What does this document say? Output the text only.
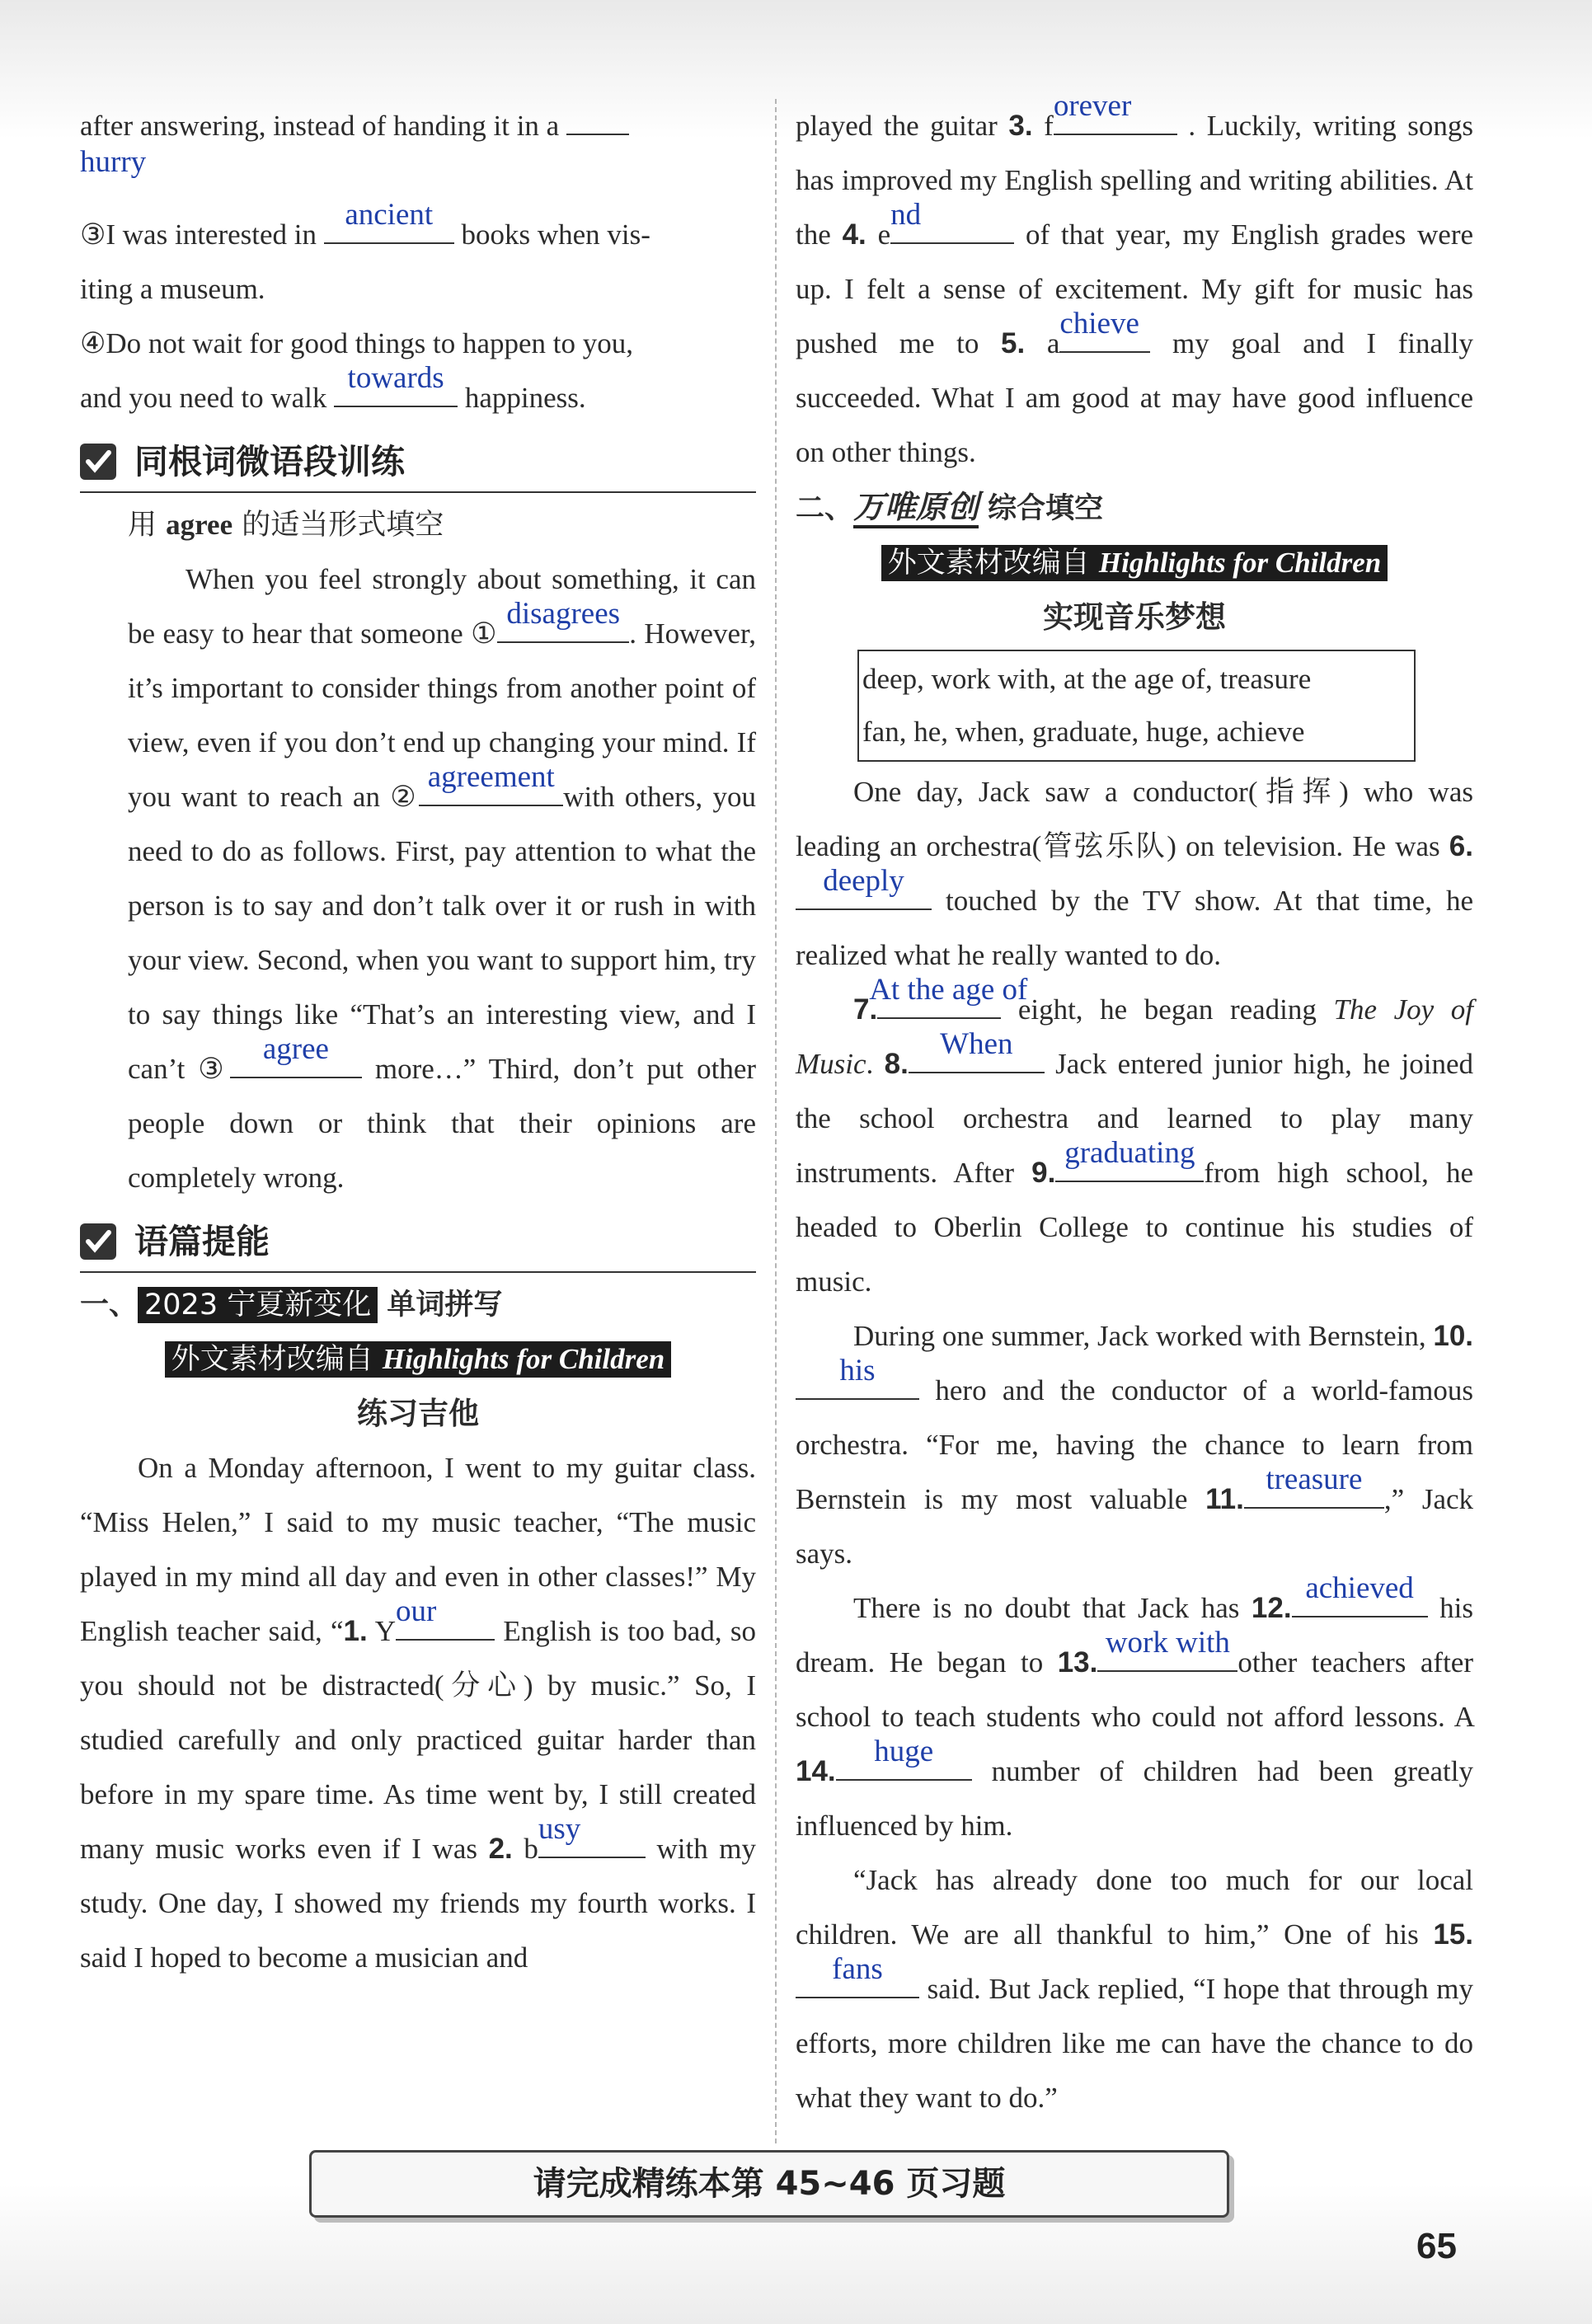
after answering, instead of handing it in a

hurry

③I was interested in
ancient
books when vis-
iting a museum.

④Do not wait for good things to happen to you,
and you need to walk
towards
happiness.

同根词微语段训练

用 agree 的适当形式填空

When you feel strongly about something, it can be easy to hear that someone ①
disagrees
. However, it’s important to consider things from another point of view, even if you don’t end up changing your mind. If you want to reach an ②
agreement
with others, you need to do as follows. First, pay attention to what the person is to say and don’t talk over it or rush in with your view. Second, when you want to support him, try to say things like “That’s an interesting view, and I can’t ③
agree
more…” Third, don’t put other people down or think that their opinions are completely wrong.

语篇提能

一、 2023 宁夏新变化 单词拼写

外文素材改编自 Highlights for Children

练习吉他

On a Monday afternoon, I went to my guitar class. “Miss Helen,” I said to my music teacher, “The music played in my mind all day and even in other classes!” My English teacher said, “1. Y
our
English is too bad, so you should not be distracted(分心) by music.” So, I studied carefully and only practiced guitar harder than before in my spare time. As time went by, I still created many music works even if I was 2. b
usy
with my study. One day, I showed my friends my fourth works. I said I hoped to become a musician and

played the guitar 3. f
orever
. Luckily, writing songs has improved my English spelling and writing abilities. At the 4. e
nd
of that year, my English grades were up. I felt a sense of excitement. My gift for music has pushed me to 5. a
chieve
my goal and I finally succeeded. What I am good at may have good influence on other things.

二、万唯原创 综合填空

外文素材改编自 Highlights for Children

实现音乐梦想

deep, work with, at the age of, treasure
fan, he, when, graduate, huge, achieve

One day, Jack saw a conductor(指挥) who was leading an orchestra(管弦乐队) on television. He was 6.
deeply
touched by the TV show. At that time, he realized what he really wanted to do.

7.
At the age of
eight, he began reading The Joy of Music. 8.
When
Jack entered junior high, he joined the school orchestra and learned to play many instruments. After 9.
graduating
from high school, he headed to Oberlin College to continue his studies of music.

During one summer, Jack worked with Bernstein, 10.
his
hero and the conductor of a world-famous orchestra. “For me, having the chance to learn from Bernstein is my most valuable 11.
treasure
,” Jack says.

There is no doubt that Jack has 12.
achieved
his dream. He began to 13.
work with
other teachers after school to teach students who could not afford lessons. A 14.
huge
number of children had been greatly influenced by him.

“Jack has already done too much for our local children. We are all thankful to him,” One of his 15.
fans
said. But Jack replied, “I hope that through my efforts, more children like me can have the chance to do what they want to do.”

请完成精练本第 45~46 页习题
65
